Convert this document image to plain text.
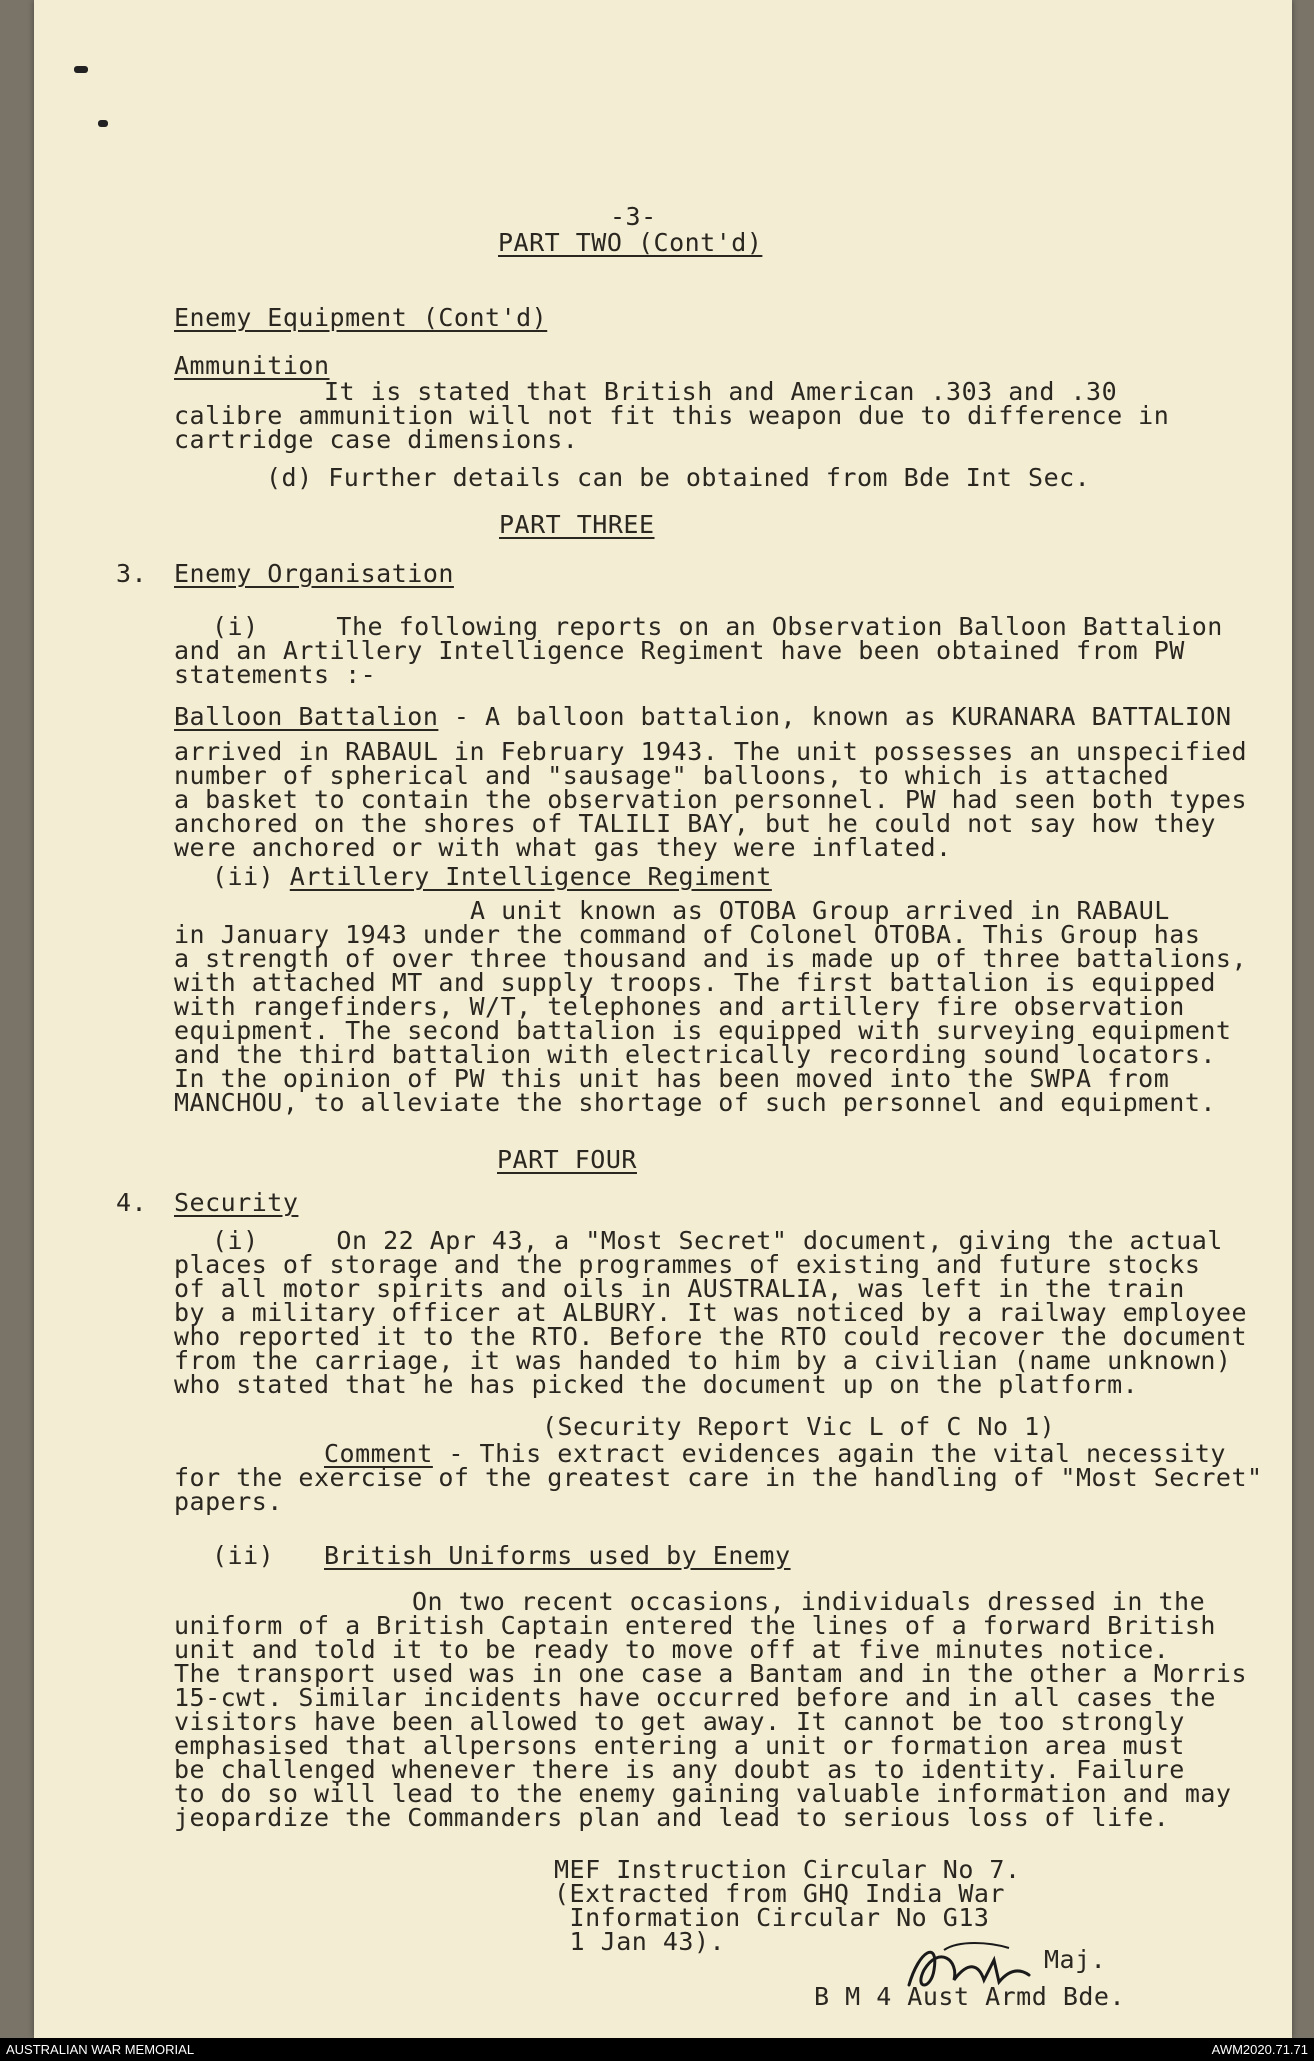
-3-
PART TWO (Cont'd)
Enemy Equipment (Cont'd)
Ammunition
It is stated that British and American .303 and .30
calibre ammunition will not fit this weapon due to difference in
cartridge case dimensions.
(d) Further details can be obtained from Bde Int Sec.
PART THREE
3. Enemy Organisation
(i)     The following reports on an Observation Balloon Battalion
and an Artillery Intelligence Regiment have been obtained from PW
statements :-
Balloon Battalion - A balloon battalion, known as KURANARA BATTALION
arrived in RABAUL in February 1943. The unit possesses an unspecified
number of spherical and "sausage" balloons, to which is attached
a basket to contain the observation personnel. PW had seen both types
anchored on the shores of TALILI BAY, but he could not say how they
were anchored or with what gas they were inflated.
(ii) Artillery Intelligence Regiment
A unit known as OTOBA Group arrived in RABAUL
in January 1943 under the command of Colonel OTOBA. This Group has
a strength of over three thousand and is made up of three battalions,
with attached MT and supply troops. The first battalion is equipped
with rangefinders, W/T, telephones and artillery fire observation
equipment. The second battalion is equipped with surveying equipment
and the third battalion with electrically recording sound locators.
In the opinion of PW this unit has been moved into the SWPA from
MANCHOU, to alleviate the shortage of such personnel and equipment.
PART FOUR
4. Security
(i)     On 22 Apr 43, a "Most Secret" document, giving the actual
places of storage and the programmes of existing and future stocks
of all motor spirits and oils in AUSTRALIA, was left in the train
by a military officer at ALBURY. It was noticed by a railway employee
who reported it to the RTO. Before the RTO could recover the document
from the carriage, it was handed to him by a civilian (name unknown)
who stated that he has picked the document up on the platform.
(Security Report Vic L of C No 1)
Comment - This extract evidences again the vital necessity
for the exercise of the greatest care in the handling of "Most Secret"
papers.
(ii) British Uniforms used by Enemy
On two recent occasions, individuals dressed in the
uniform of a British Captain entered the lines of a forward British
unit and told it to be ready to move off at five minutes notice.
The transport used was in one case a Bantam and in the other a Morris
15-cwt. Similar incidents have occurred before and in all cases the
visitors have been allowed to get away. It cannot be too strongly
emphasised that allpersons entering a unit or formation area must
be challenged whenever there is any doubt as to identity. Failure
to do so will lead to the enemy gaining valuable information and may
jeopardize the Commanders plan and lead to serious loss of life.
MEF Instruction Circular No 7.
(Extracted from GHQ India War
Information Circular No G13
1 Jan 43).
Maj.
B M 4 Aust Armd Bde.
AUSTRALIAN WAR MEMORIAL	AWM2020.71.71
